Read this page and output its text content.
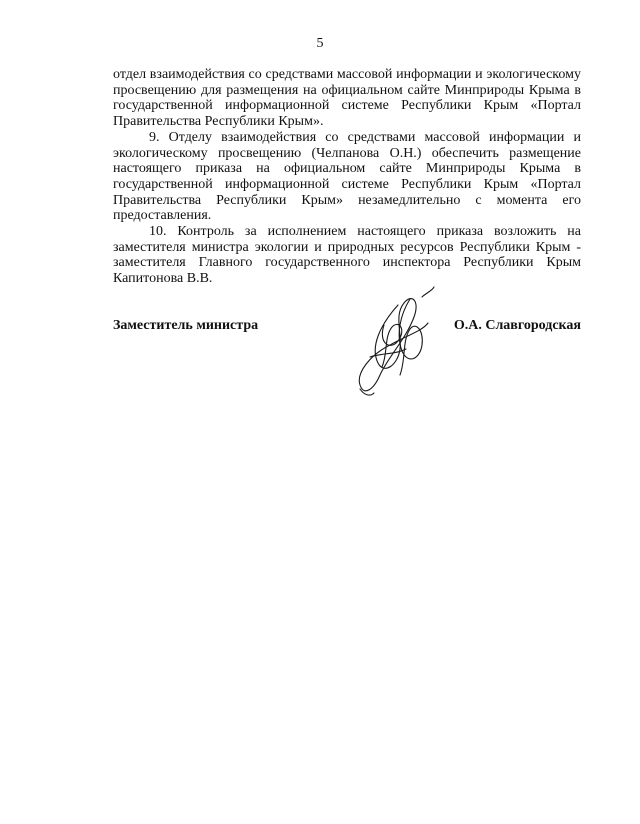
5

отдел взаимодействия со средствами массовой информации и экологическому просвещению для размещения на официальном сайте Минприроды Крыма в государственной информационной системе Республики Крым «Портал Правительства Республики Крым».

9. Отделу взаимодействия со средствами массовой информации и экологическому просвещению (Челпанова О.Н.) обеспечить размещение настоящего приказа на официальном сайте Минприроды Крыма в государственной информационной системе Республики Крым «Портал Правительства Республики Крым» незамедлительно с момента его предоставления.

10. Контроль за исполнением настоящего приказа возложить на заместителя министра экологии и природных ресурсов Республики Крым - заместителя Главного государственного инспектора Республики Крым Капитонова В.В.

Заместитель министра	О.А. Славгородская
